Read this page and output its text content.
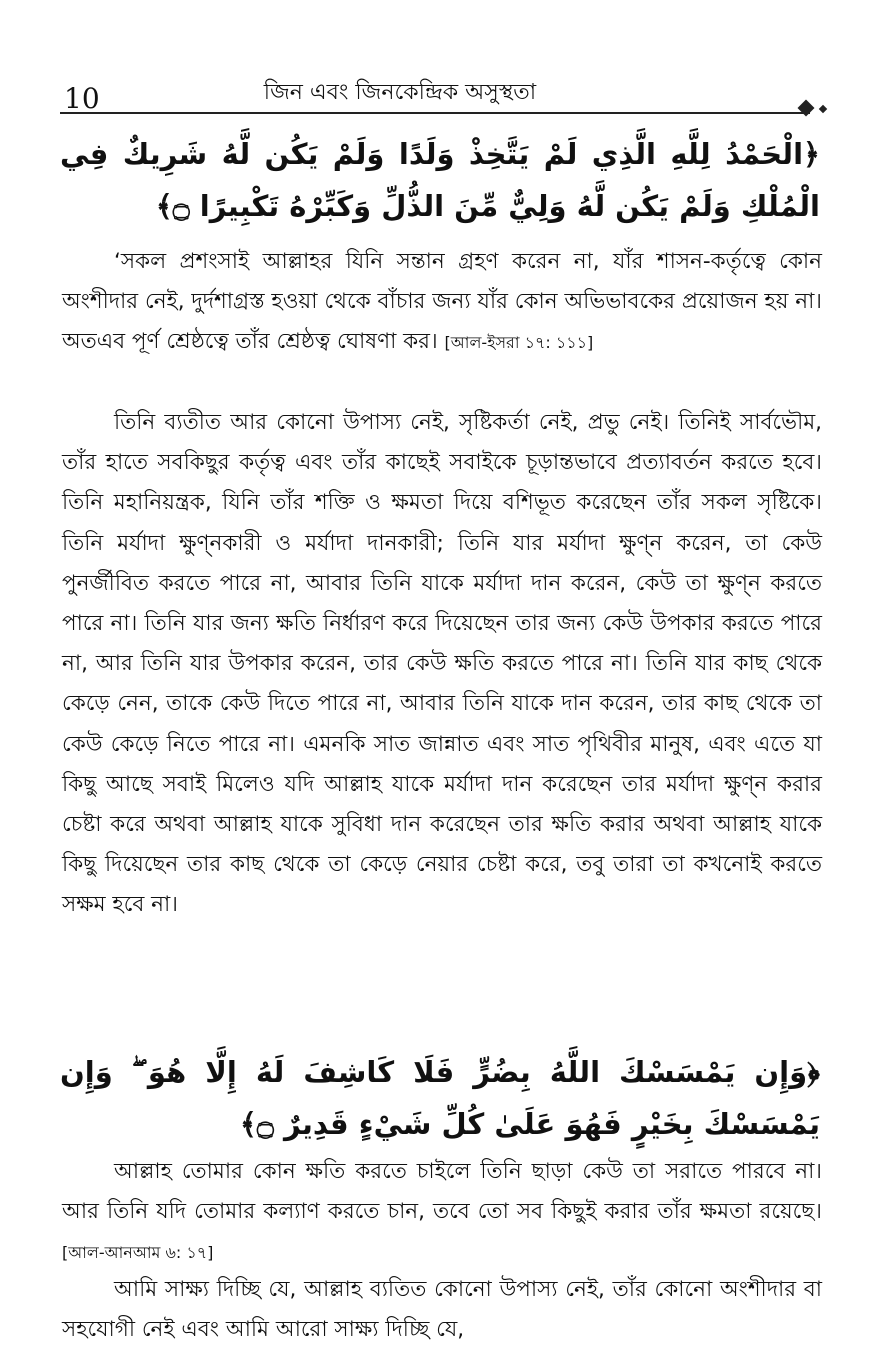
10	জিন এবং জিনকেন্দ্রিক অসুস্থতা
﴿الْحَمْدُ لِلَّهِ الَّذِي لَمْ يَتَّخِذْ وَلَدًا وَلَمْ يَكُن لَّهُ شَرِيكٌ فِي الْمُلْكِ وَلَمْ يَكُن لَّهُ وَلِيٌّ مِّنَ الذُّلِّ وَكَبِّرْهُ تَكْبِيرًا ۝﴾
‘সকল প্রশংসাই আল্লাহর যিনি সন্তান গ্রহণ করেন না, যাঁর শাসন-কর্তৃত্বে কোন অংশীদার নেই, দুর্দশাগ্রস্ত হওয়া থেকে বাঁচার জন্য যাঁর কোন অভিভাবকের প্রয়োজন হয় না। অতএব পূর্ণ শ্রেষ্ঠত্বে তাঁর শ্রেষ্ঠত্ব ঘোষণা কর। [আল-ইসরা ১৭: ১১১]
তিনি ব্যতীত আর কোনো উপাস্য নেই, সৃষ্টিকর্তা নেই, প্রভু নেই। তিনিই সার্বভৌম, তাঁর হাতে সবকিছুর কর্তৃত্ব এবং তাঁর কাছেই সবাইকে চূড়ান্তভাবে প্রত্যাবর্তন করতে হবে। তিনি মহানিয়ন্ত্রক, যিনি তাঁর শক্তি ও ক্ষমতা দিয়ে বশিভূত করেছেন তাঁর সকল সৃষ্টিকে। তিনি মর্যাদা ক্ষুণ্নকারী ও মর্যাদা দানকারী; তিনি যার মর্যাদা ক্ষুণ্ন করেন, তা কেউ পুনর্জীবিত করতে পারে না, আবার তিনি যাকে মর্যাদা দান করেন, কেউ তা ক্ষুণ্ন করতে পারে না। তিনি যার জন্য ক্ষতি নির্ধারণ করে দিয়েছেন তার জন্য কেউ উপকার করতে পারে না, আর তিনি যার উপকার করেন, তার কেউ ক্ষতি করতে পারে না। তিনি যার কাছ থেকে কেড়ে নেন, তাকে কেউ দিতে পারে না, আবার তিনি যাকে দান করেন, তার কাছ থেকে তা কেউ কেড়ে নিতে পারে না। এমনকি সাত জান্নাত এবং সাত পৃথিবীর মানুষ, এবং এতে যা কিছু আছে সবাই মিলেও যদি আল্লাহ যাকে মর্যাদা দান করেছেন তার মর্যাদা ক্ষুণ্ন করার চেষ্টা করে অথবা আল্লাহ যাকে সুবিধা দান করেছেন তার ক্ষতি করার অথবা আল্লাহ যাকে কিছু দিয়েছেন তার কাছ থেকে তা কেড়ে নেয়ার চেষ্টা করে, তবু তারা তা কখনোই করতে সক্ষম হবে না।
﴿وَإِن يَمْسَسْكَ اللَّهُ بِضُرٍّ فَلَا كَاشِفَ لَهُ إِلَّا هُوَ ۖ وَإِن يَمْسَسْكَ بِخَيْرٍ فَهُوَ عَلَىٰ كُلِّ شَيْءٍ قَدِيرٌ ۝﴾
আল্লাহ তোমার কোন ক্ষতি করতে চাইলে তিনি ছাড়া কেউ তা সরাতে পারবে না। আর তিনি যদি তোমার কল্যাণ করতে চান, তবে তো সব কিছুই করার তাঁর ক্ষমতা রয়েছে। [আল-আনআম ৬: ১৭]
আমি সাক্ষ্য দিচ্ছি যে, আল্লাহ ব্যতিত কোনো উপাস্য নেই, তাঁর কোনো অংশীদার বা সহযোগী নেই এবং আমি আরো সাক্ষ্য দিচ্ছি যে,
